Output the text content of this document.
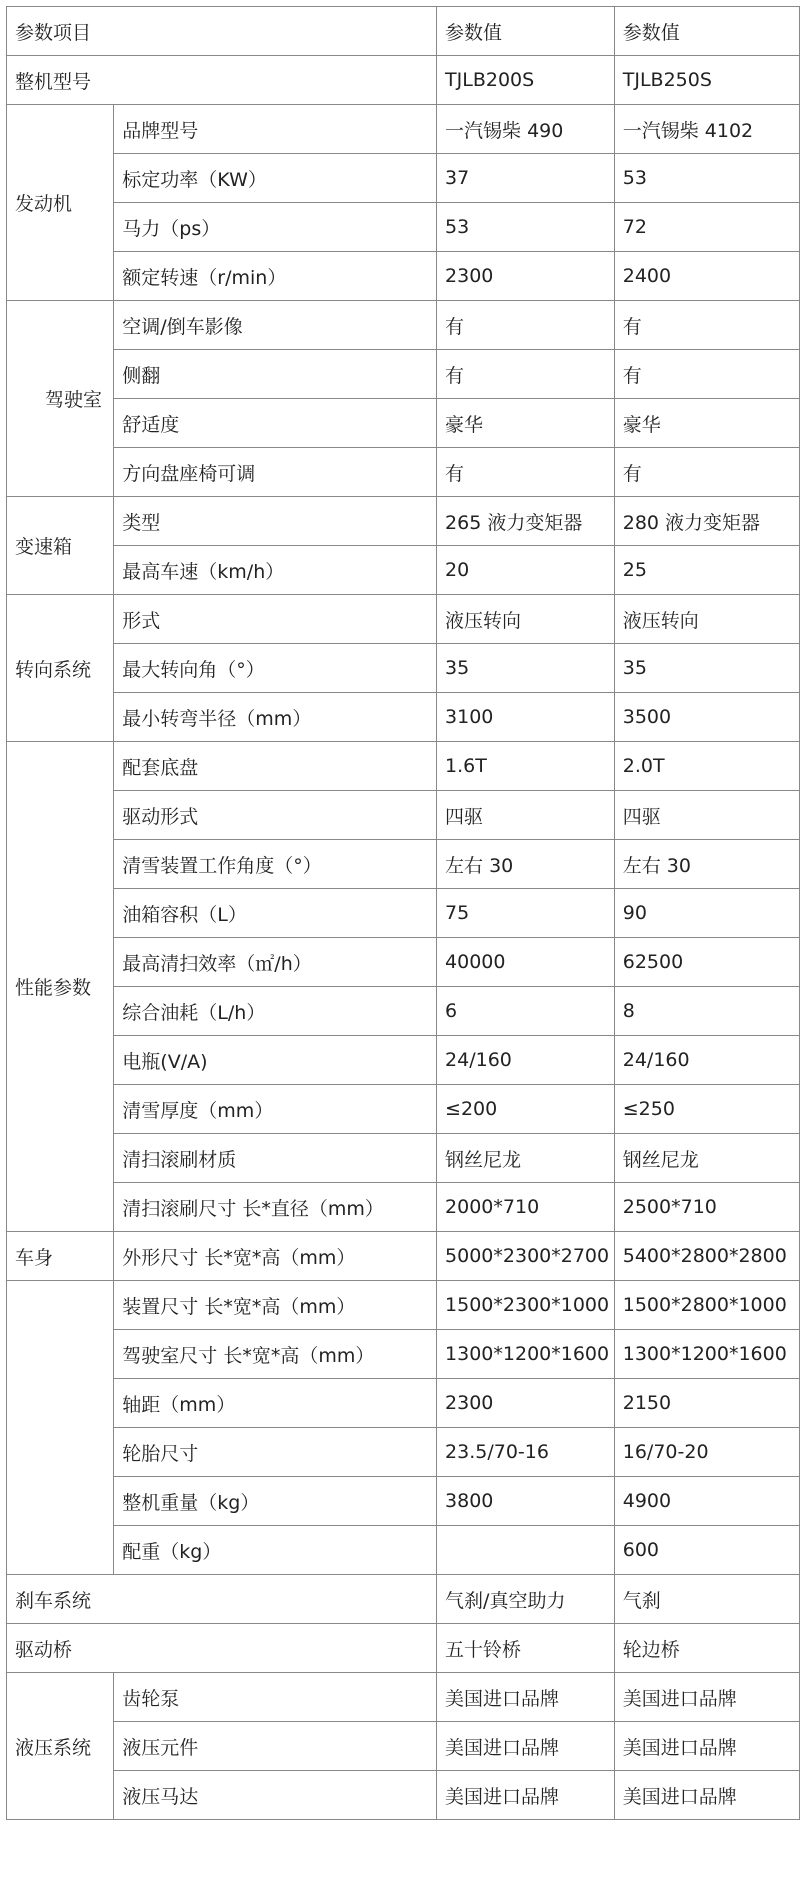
参数项目		参数值	参数值
整机型号		TJLB200S	TJLB250S
发动机	品牌型号	一汽锡柴 490	一汽锡柴 4102
	标定功率（KW）	37	53
	马力（ps）	53	72
	额定转速（r/min）	2300	2400
驾驶室	空调/倒车影像	有	有
	侧翻	有	有
	舒适度	豪华	豪华
	方向盘座椅可调	有	有
变速箱	类型	265 液力变矩器	280 液力变矩器
	最高车速（km/h）	20	25
转向系统	形式	液压转向	液压转向
	最大转向角（°）	35	35
	最小转弯半径（mm）	3100	3500
性能参数	配套底盘	1.6T	2.0T
	驱动形式	四驱	四驱
	清雪装置工作角度（°）	左右 30	左右 30
	油箱容积（L）	75	90
	最高清扫效率（㎡/h）	40000	62500
	综合油耗（L/h）	6	8
	电瓶(V/A)	24/160	24/160
	清雪厚度（mm）	≤200	≤250
	清扫滚刷材质	钢丝尼龙	钢丝尼龙
	清扫滚刷尺寸 长*直径（mm）	2000*710	2500*710
车身	外形尺寸 长*宽*高（mm）	5000*2300*2700	5400*2800*2800
	装置尺寸 长*宽*高（mm）	1500*2300*1000	1500*2800*1000
	驾驶室尺寸 长*宽*高（mm）	1300*1200*1600	1300*1200*1600
	轴距（mm）	2300	2150
	轮胎尺寸	23.5/70-16	16/70-20
	整机重量（kg）	3800	4900
	配重（kg）		600
刹车系统		气刹/真空助力	气刹
驱动桥		五十铃桥	轮边桥
液压系统	齿轮泵	美国进口品牌	美国进口品牌
	液压元件	美国进口品牌	美国进口品牌
	液压马达	美国进口品牌	美国进口品牌
